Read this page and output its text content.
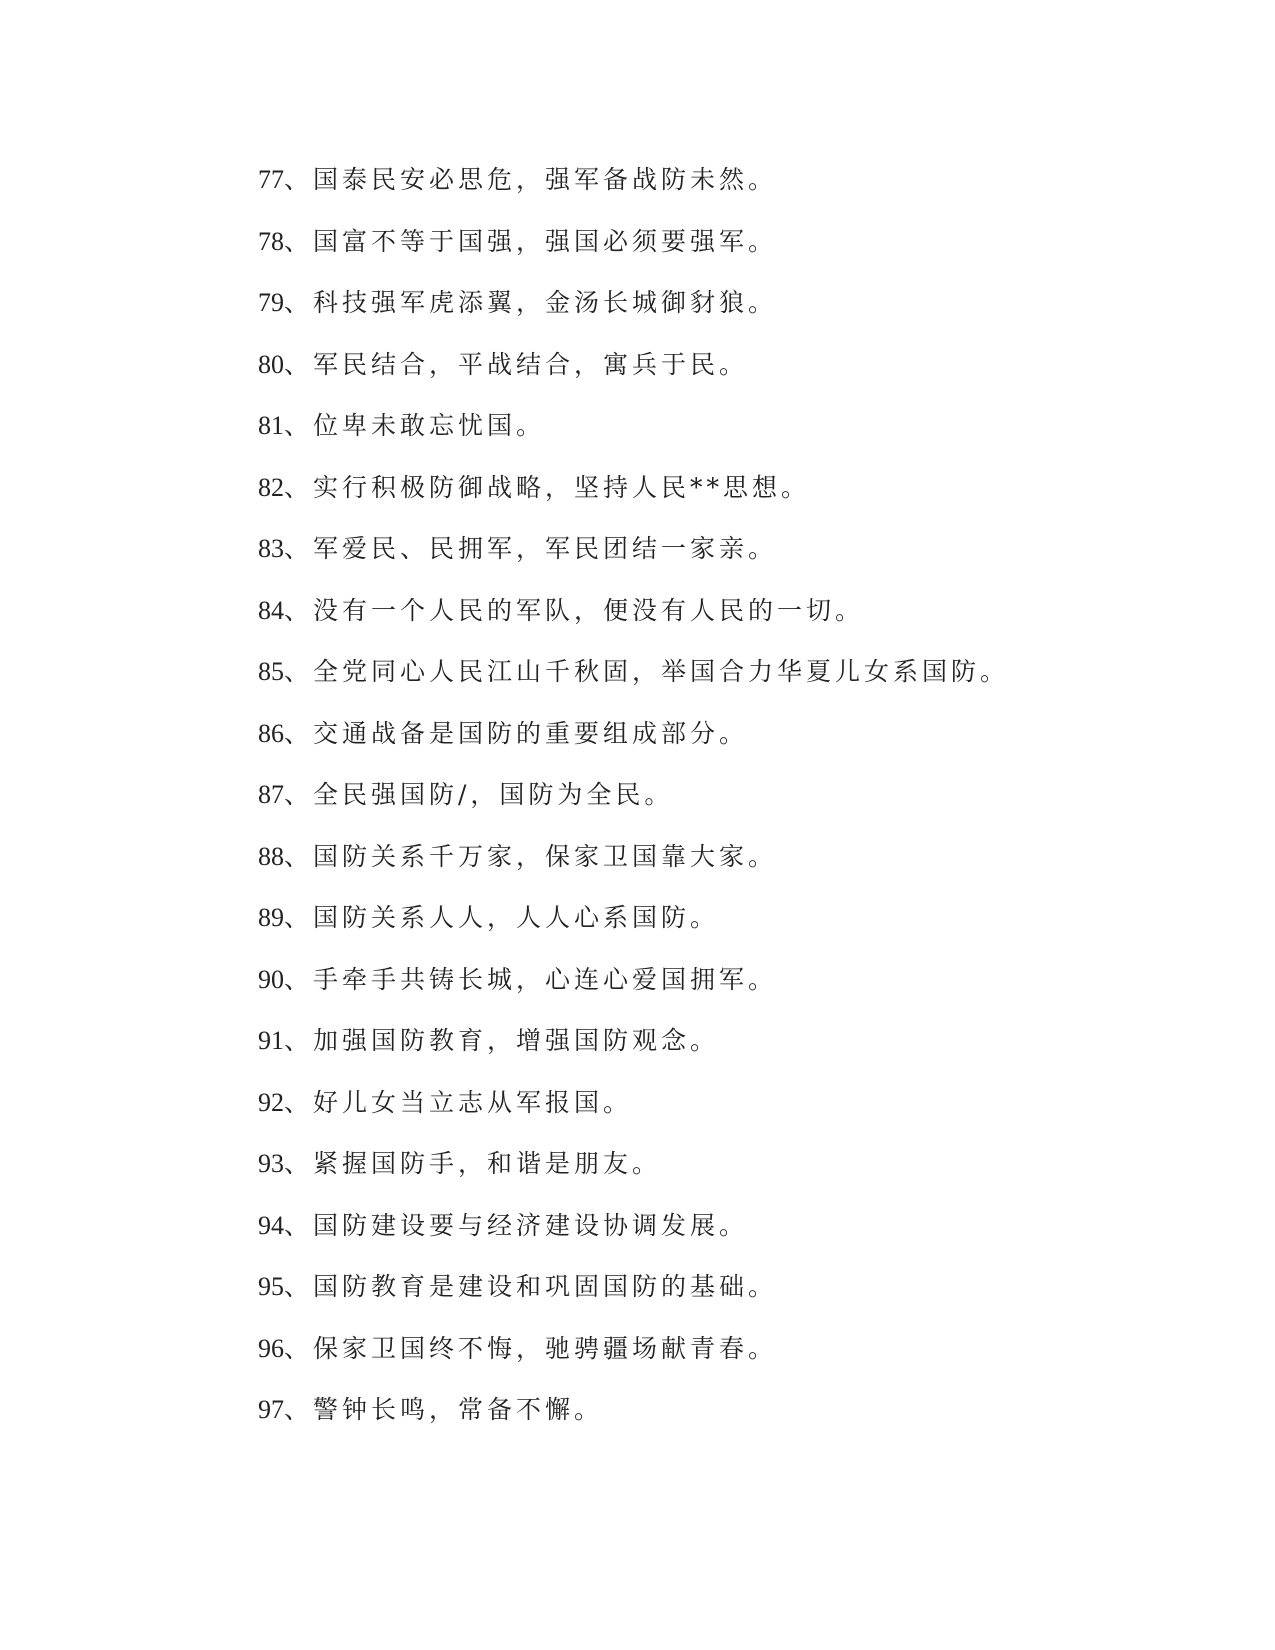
77、国泰民安必思危，强军备战防未然。
78、国富不等于国强，强国必须要强军。
79、科技强军虎添翼，金汤长城御豺狼。
80、军民结合，平战结合，寓兵于民。
81、位卑未敢忘忧国。
82、实行积极防御战略，坚持人民**思想。
83、军爱民、民拥军，军民团结一家亲。
84、没有一个人民的军队，便没有人民的一切。
85、全党同心人民江山千秋固，举国合力华夏儿女系国防。
86、交通战备是国防的重要组成部分。
87、全民强国防/，国防为全民。
88、国防关系千万家，保家卫国靠大家。
89、国防关系人人，人人心系国防。
90、手牵手共铸长城，心连心爱国拥军。
91、加强国防教育，增强国防观念。
92、好儿女当立志从军报国。
93、紧握国防手，和谐是朋友。
94、国防建设要与经济建设协调发展。
95、国防教育是建设和巩固国防的基础。
96、保家卫国终不悔，驰骋疆场献青春。
97、警钟长鸣，常备不懈。
